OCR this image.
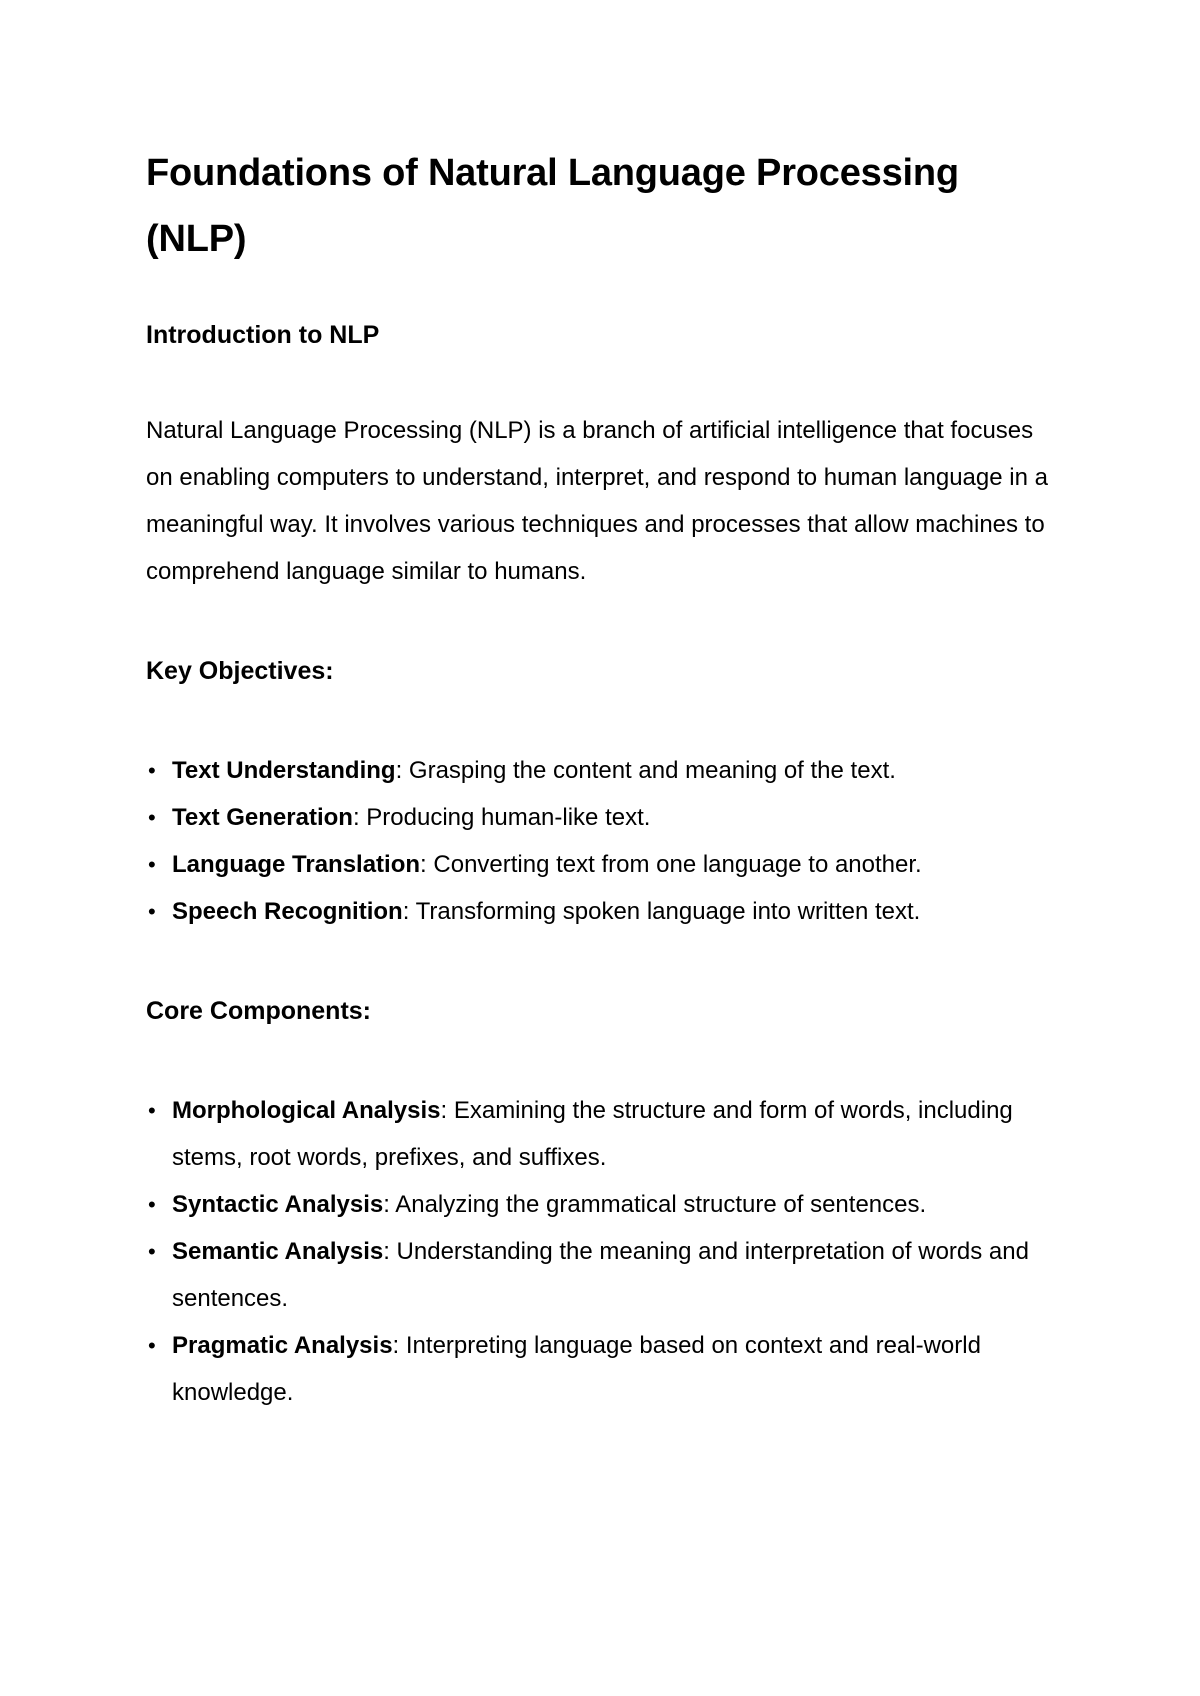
Foundations of Natural Language Processing (NLP)
Introduction to NLP

Natural Language Processing (NLP) is a branch of artificial intelligence that focuses on enabling computers to understand, interpret, and respond to human language in a meaningful way. It involves various techniques and processes that allow machines to comprehend language similar to humans.

Key Objectives:
• Text Understanding: Grasping the content and meaning of the text.
• Text Generation: Producing human-like text.
• Language Translation: Converting text from one language to another.
• Speech Recognition: Transforming spoken language into written text.
Core Components:
• Morphological Analysis: Examining the structure and form of words, including stems, root words, prefixes, and suffixes.
• Syntactic Analysis: Analyzing the grammatical structure of sentences.
• Semantic Analysis: Understanding the meaning and interpretation of words and sentences.
• Pragmatic Analysis: Interpreting language based on context and real-world knowledge.
